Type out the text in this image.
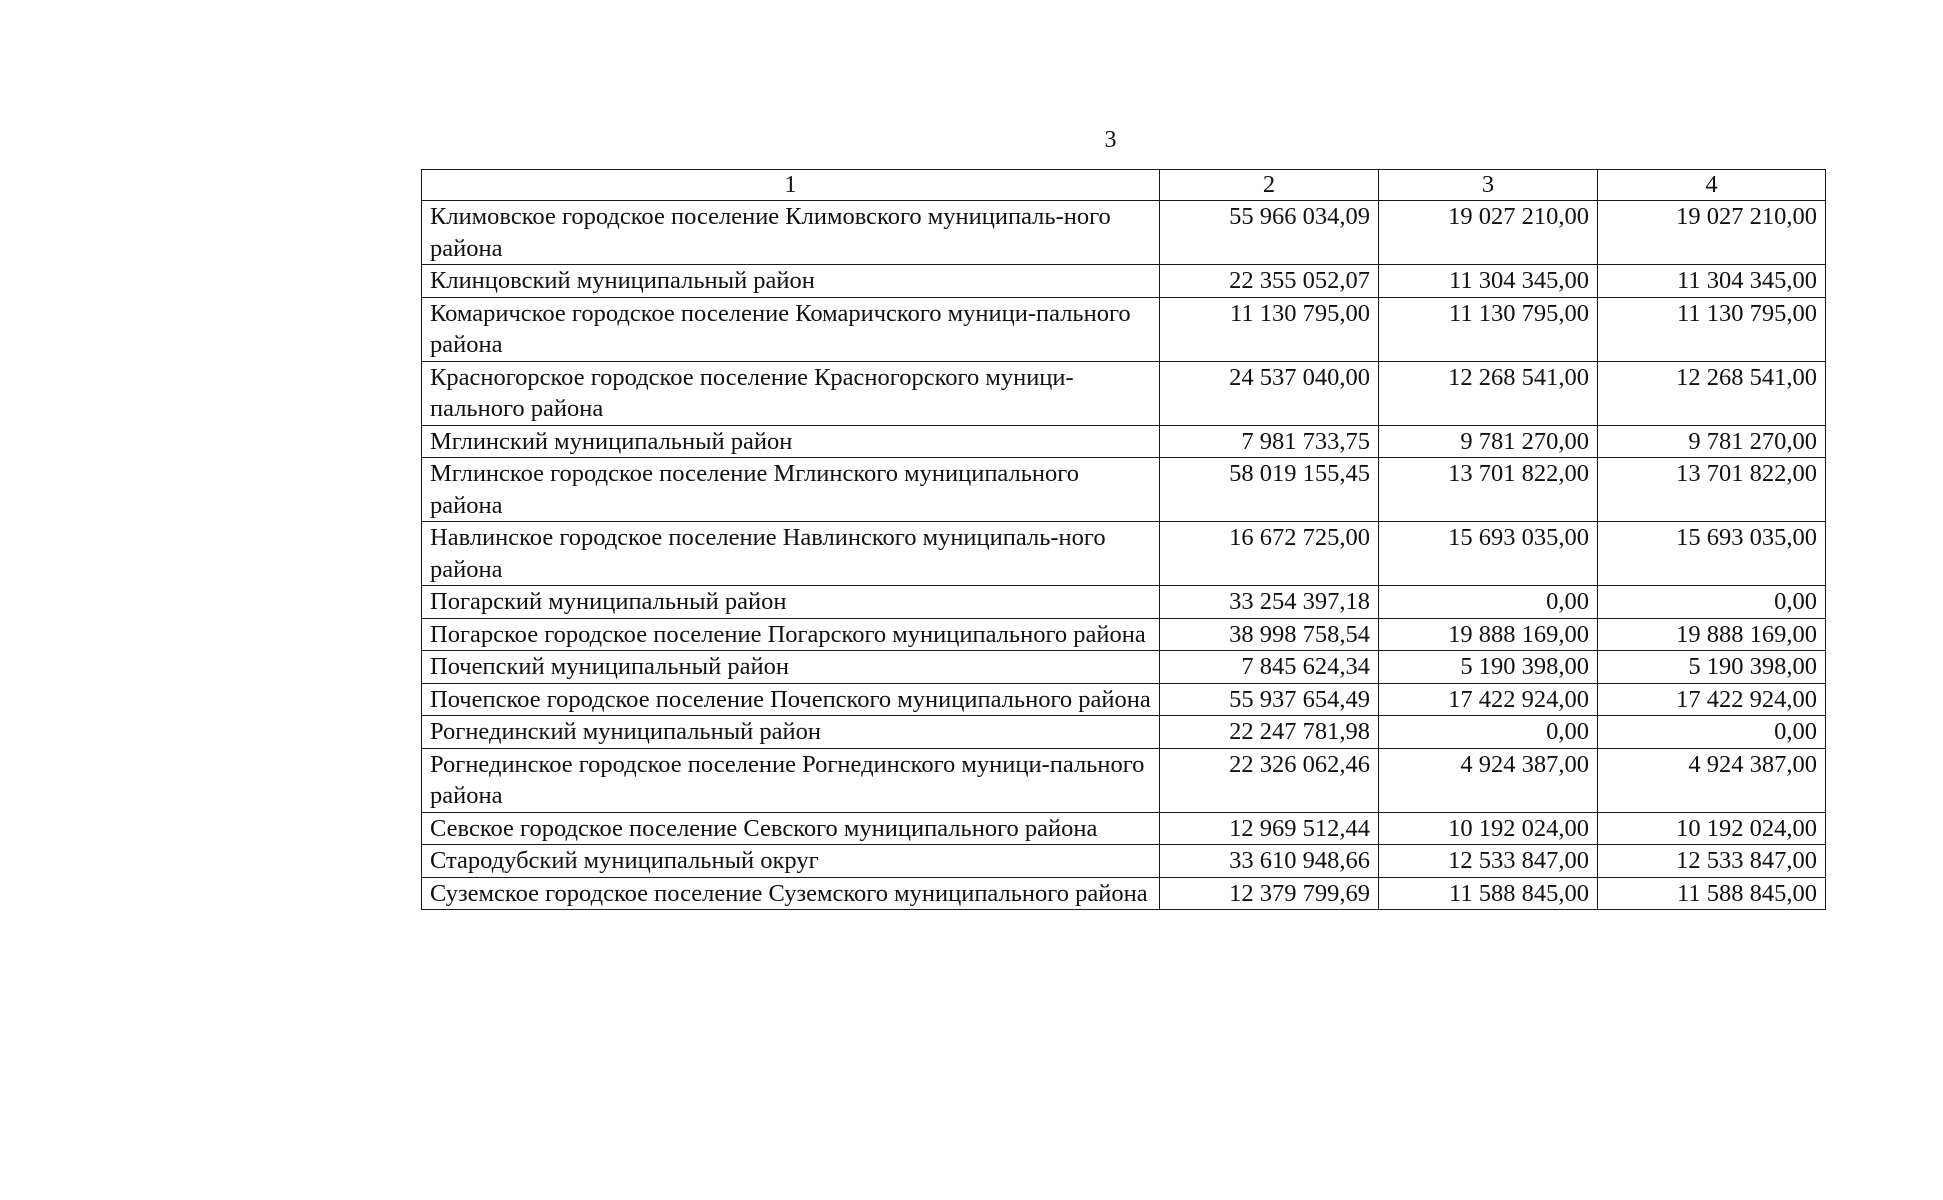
3
1	2	3	4
Климовское городское поселение Климовского муниципаль-ного района	55 966 034,09	19 027 210,00	19 027 210,00
Клинцовский муниципальный район	22 355 052,07	11 304 345,00	11 304 345,00
Комаричское городское поселение Комаричского муници-пального района	11 130 795,00	11 130 795,00	11 130 795,00
Красногорское городское поселение Красногорского муници-пального района	24 537 040,00	12 268 541,00	12 268 541,00
Мглинский муниципальный район	7 981 733,75	9 781 270,00	9 781 270,00
Мглинское городское поселение Мглинского муниципального района	58 019 155,45	13 701 822,00	13 701 822,00
Навлинское городское поселение Навлинского муниципаль-ного района	16 672 725,00	15 693 035,00	15 693 035,00
Погарский муниципальный район	33 254 397,18	0,00	0,00
Погарское городское поселение Погарского муниципального района	38 998 758,54	19 888 169,00	19 888 169,00
Почепский муниципальный район	7 845 624,34	5 190 398,00	5 190 398,00
Почепское городское поселение Почепского муниципального района	55 937 654,49	17 422 924,00	17 422 924,00
Рогнединский муниципальный район	22 247 781,98	0,00	0,00
Рогнединское городское поселение Рогнединского муници-пального района	22 326 062,46	4 924 387,00	4 924 387,00
Севское городское поселение Севского муниципального района	12 969 512,44	10 192 024,00	10 192 024,00
Стародубский муниципальный округ	33 610 948,66	12 533 847,00	12 533 847,00
Суземское городское поселение Суземского муниципального района	12 379 799,69	11 588 845,00	11 588 845,00
